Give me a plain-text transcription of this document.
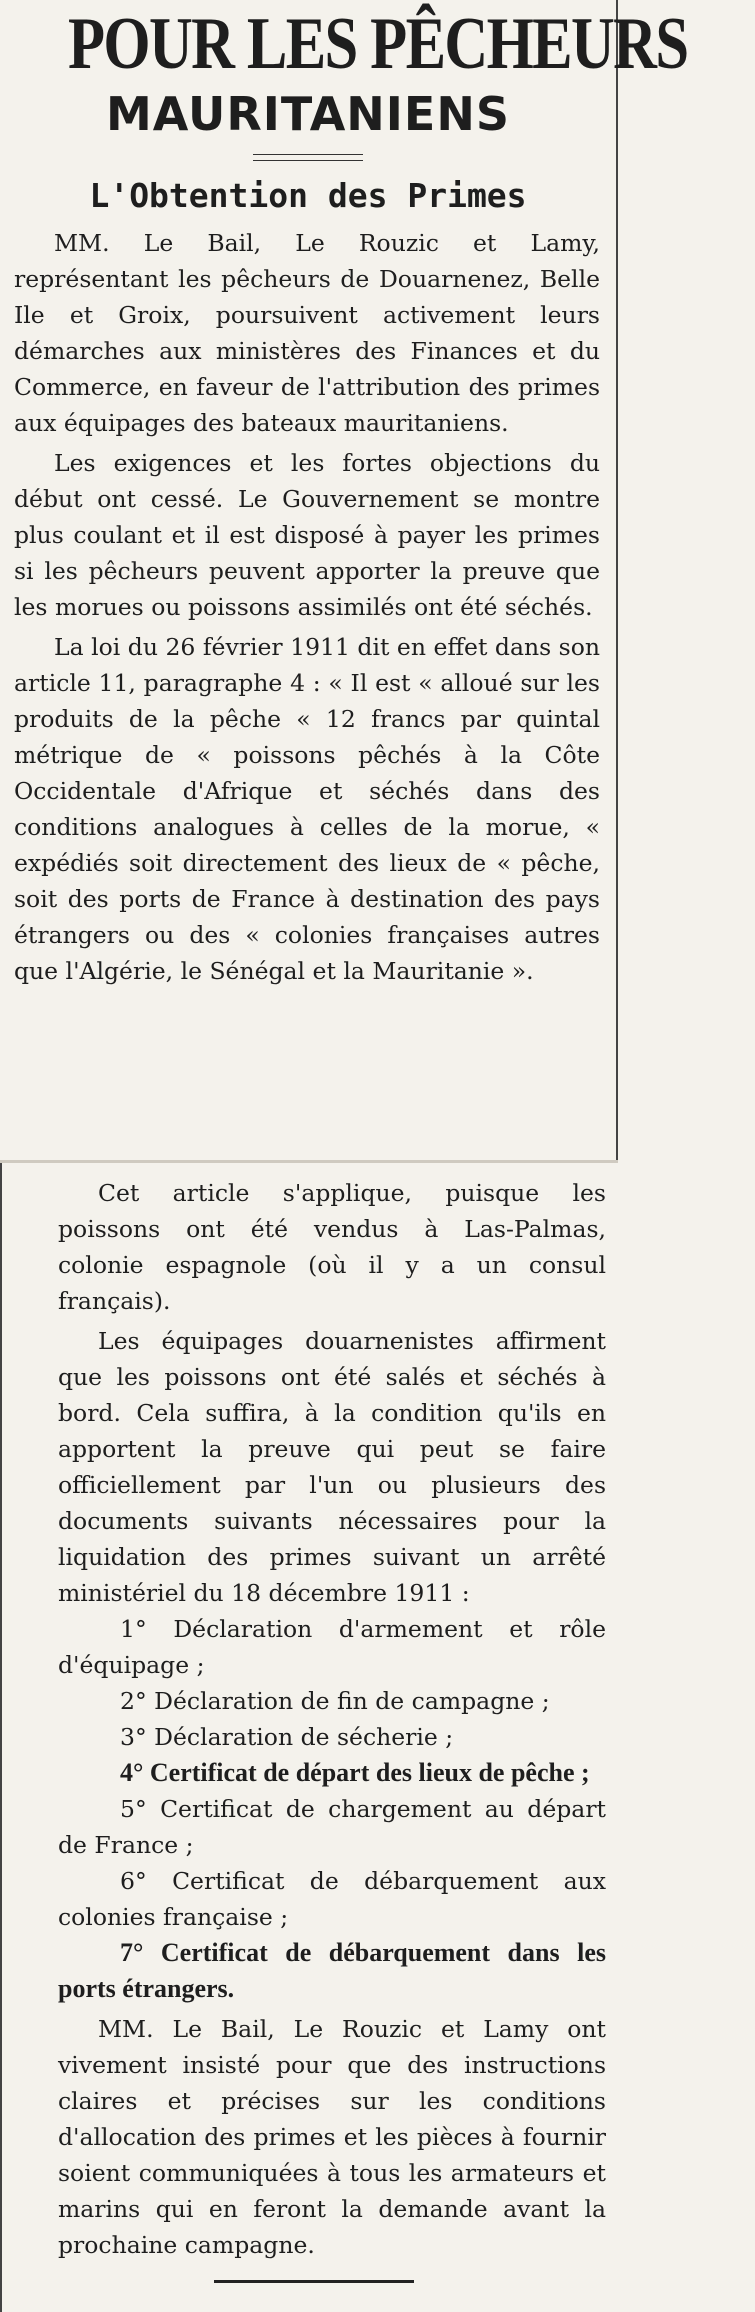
POUR LES PÊCHEURS
MAURITANIENS
L'Obtention des Primes

MM. Le Bail, Le Rouzic et Lamy, représentant les pêcheurs de Douarnenez, Belle Ile et Groix, poursuivent activement leurs démarches aux ministères des Finances et du Commerce, en faveur de l'attribution des primes aux équipages des bateaux mauritaniens.

Les exigences et les fortes objections du début ont cessé. Le Gouvernement se montre plus coulant et il est disposé à payer les primes si les pêcheurs peuvent apporter la preuve que les morues ou poissons assimilés ont été séchés.

La loi du 26 février 1911 dit en effet dans son article 11, paragraphe 4 : « Il est « alloué sur les produits de la pêche « 12 francs par quintal métrique de « poissons pêchés à la Côte Occidentale d'Afrique et séchés dans des conditions analogues à celles de la morue, « expédiés soit directement des lieux de « pêche, soit des ports de France à destination des pays étrangers ou des « colonies françaises autres que l'Algérie, le Sénégal et la Mauritanie ».

Cet article s'applique, puisque les poissons ont été vendus à Las-Palmas, colonie espagnole (où il y a un consul français).

Les équipages douarnenistes affirment que les poissons ont été salés et séchés à bord. Cela suffira, à la condition qu'ils en apportent la preuve qui peut se faire officiellement par l'un ou plusieurs des documents suivants nécessaires pour la liquidation des primes suivant un arrêté ministériel du 18 décembre 1911 :

1° Déclaration d'armement et rôle d'équipage ;

2° Déclaration de fin de campagne ;

3° Déclaration de sécherie ;

4° Certificat de départ des lieux de pêche ;

5° Certificat de chargement au départ de France ;

6° Certificat de débarquement aux colonies française ;

7° Certificat de débarquement dans les ports étrangers.

MM. Le Bail, Le Rouzic et Lamy ont vivement insisté pour que des instructions claires et précises sur les conditions d'allocation des primes et les pièces à fournir soient communiquées à tous les armateurs et marins qui en feront la demande avant la prochaine campagne.
